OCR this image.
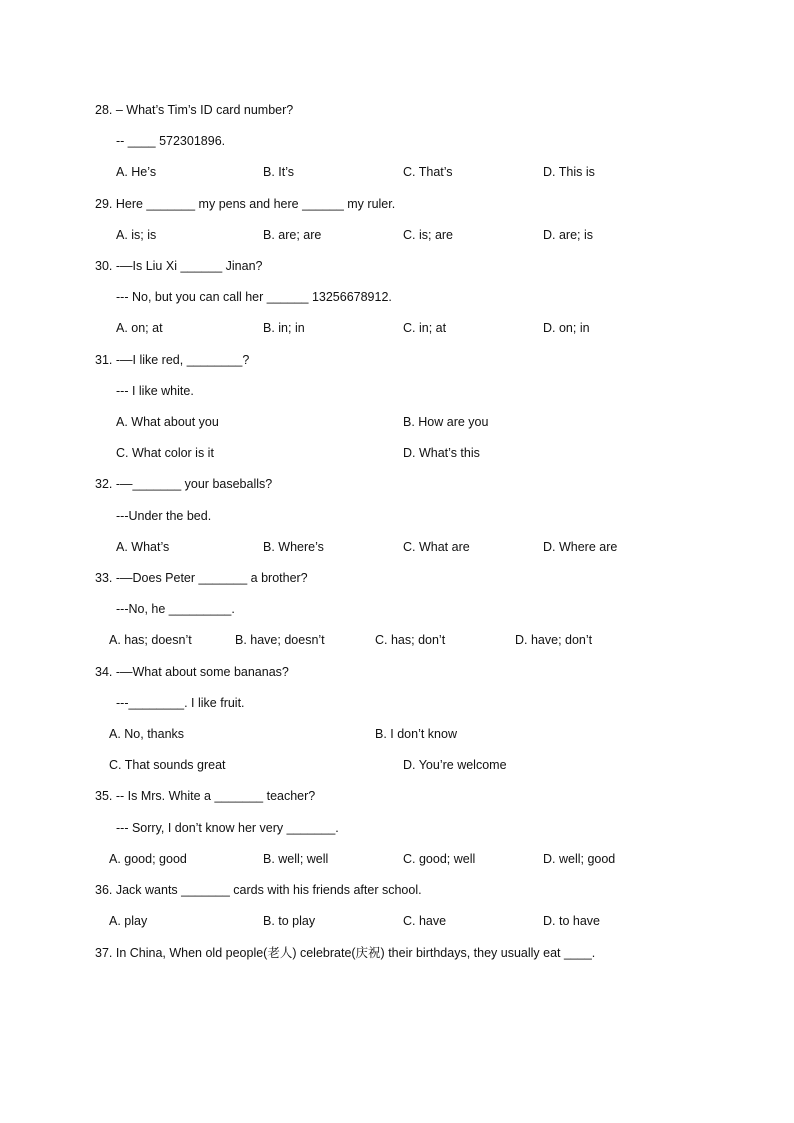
28. – What’s Tim’s ID card number?
-- ____ 572301896.
A. He’s	B. It’s	C. That’s	D. This is
29. Here _______ my pens and here ______ my ruler.
A. is; is	B. are; are	C. is; are	D. are; is
30. -—Is Liu Xi ______ Jinan?
--- No, but you can call her ______ 13256678912.
A. on; at	B. in; in	C. in; at	D. on; in
31. -—I like red, ________?
--- I like white.
A. What about you	B. How are you
C. What color is it	D. What’s this
32. -—_______ your baseballs?
---Under the bed.
A. What’s	B. Where’s	C. What are	D. Where are
33. -—Does Peter _______ a brother?
---No, he _________.
A. has; doesn’t	B. have; doesn’t	C. has; don’t	D. have; don’t
34. -—What about some bananas?
---________. I like fruit.
A. No, thanks	B. I don’t know
C. That sounds great	D. You’re welcome
35. -- Is Mrs. White a _______ teacher?
--- Sorry, I don’t know her very _______.
A. good; good	B. well; well	C. good; well	D. well; good
36. Jack wants _______ cards with his friends after school.
A. play	B. to play	C. have	D. to have
37. In China, When old people(老人) celebrate(庆祝) their birthdays, they usually eat ____.
